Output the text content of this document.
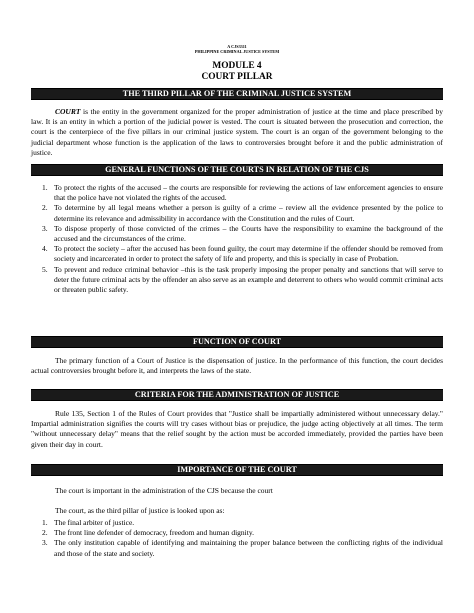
A CJS3311
PHILIPPINE CRIMINAL JUSTICE SYSTEM
MODULE 4
COURT PILLAR
THE THIRD PILLAR OF THE CRIMINAL JUSTICE SYSTEM

COURT is the entity in the government organized for the proper administration of justice at the time and place prescribed by law. It is an entity in which a portion of the judicial power is vested. The court is situated between the prosecution and correction, the court is the centerpiece of the five pillars in our criminal justice system. The court is an organ of the government belonging to the judicial department whose function is the application of the laws to controversies brought before it and the public administration of justice.

GENERAL FUNCTIONS OF THE COURTS IN RELATION OF THE CJS
1. To protect the rights of the accused – the courts are responsible for reviewing the actions of law enforcement agencies to ensure that the police have not violated the rights of the accused.
2. To determine by all legal means whether a person is guilty of a crime – review all the evidence presented by the police to determine its relevance and admissibility in accordance with the Constitution and the rules of Court.
3. To dispose properly of those convicted of the crimes – the Courts have the responsibility to examine the background of the accused and the circumstances of the crime.
4. To protect the society – after the accused has been found guilty, the court may determine if the offender should be removed from society and incarcerated in order to protect the safety of life and property, and this is specially in case of Probation.
5. To prevent and reduce criminal behavior –this is the task properly imposing the proper penalty and sanctions that will serve to deter the future criminal acts by the offender an also serve as an example and deterrent to others who would commit criminal acts or threaten public safety.
FUNCTION OF COURT

The primary function of a Court of Justice is the dispensation of justice. In the performance of this function, the court decides actual controversies brought before it, and interprets the laws of the state.

CRITERIA FOR THE ADMINISTRATION OF JUSTICE

Rule 135, Section 1 of the Rules of Court provides that "Justice shall be impartially administered without unnecessary delay." Impartial administration signifies the courts will try cases without bias or prejudice, the judge acting objectively at all times. The term "without unnecessary delay" means that the relief sought by the action must be accorded immediately, provided the parties have been given their day in court.

IMPORTANCE OF THE COURT

The court is important in the administration of the CJS because the court

The court, as the third pillar of justice is looked upon as:

1. The final arbiter of justice.
2. The front line defender of democracy, freedom and human dignity.
3. The only institution capable of identifying and maintaining the proper balance between the conflicting rights of the individual and those of the state and society.
